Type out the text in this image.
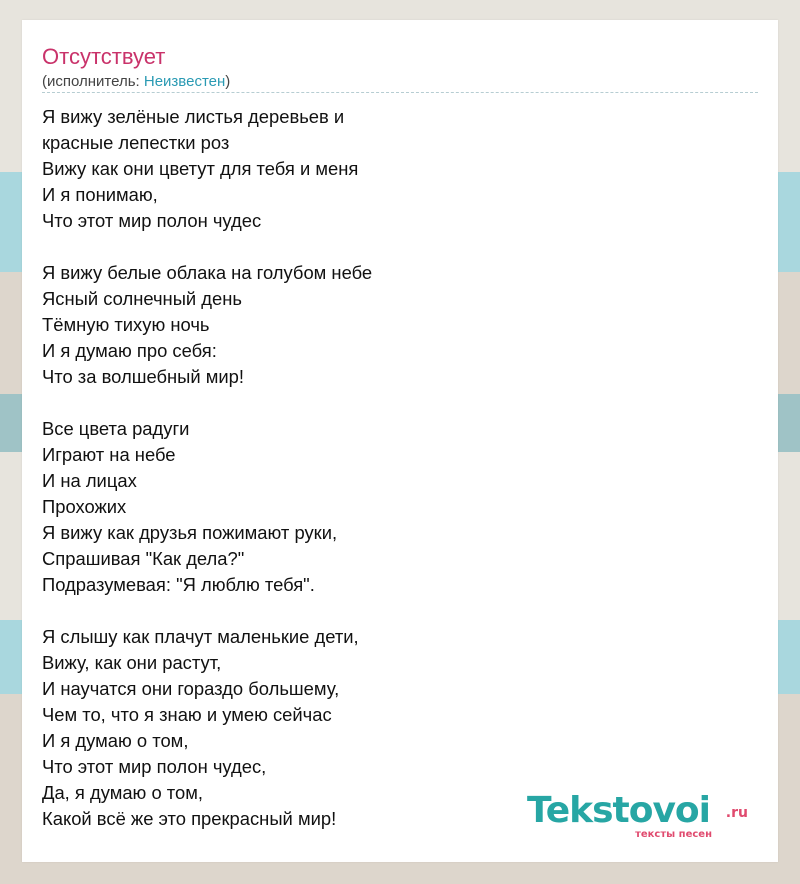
Отсутствует
(исполнитель: Неизвестен)
Я вижу зелёные листья деревьев и
красные лепестки роз
Вижу как они цветут для тебя и меня
И я понимаю,
Что этот мир полон чудес
Я вижу белые облака на голубом небе
Ясный солнечный день
Тёмную тихую ночь
И я думаю про себя:
Что за волшебный мир!
Все цвета радуги
Играют на небе
И на лицах
Прохожих
Я вижу как друзья пожимают руки,
Спрашивая "Как дела?"
Подразумевая: "Я люблю тебя".
Я слышу как плачут маленькие дети,
Вижу, как они растут,
И научатся они гораздо большему,
Чем то, что я знаю и умею сейчас
И я думаю о том,
Что этот мир полон чудес,
Да, я думаю о том,
Какой всё же это прекрасный мир!	Tekstovoi .ru
тексты песен
